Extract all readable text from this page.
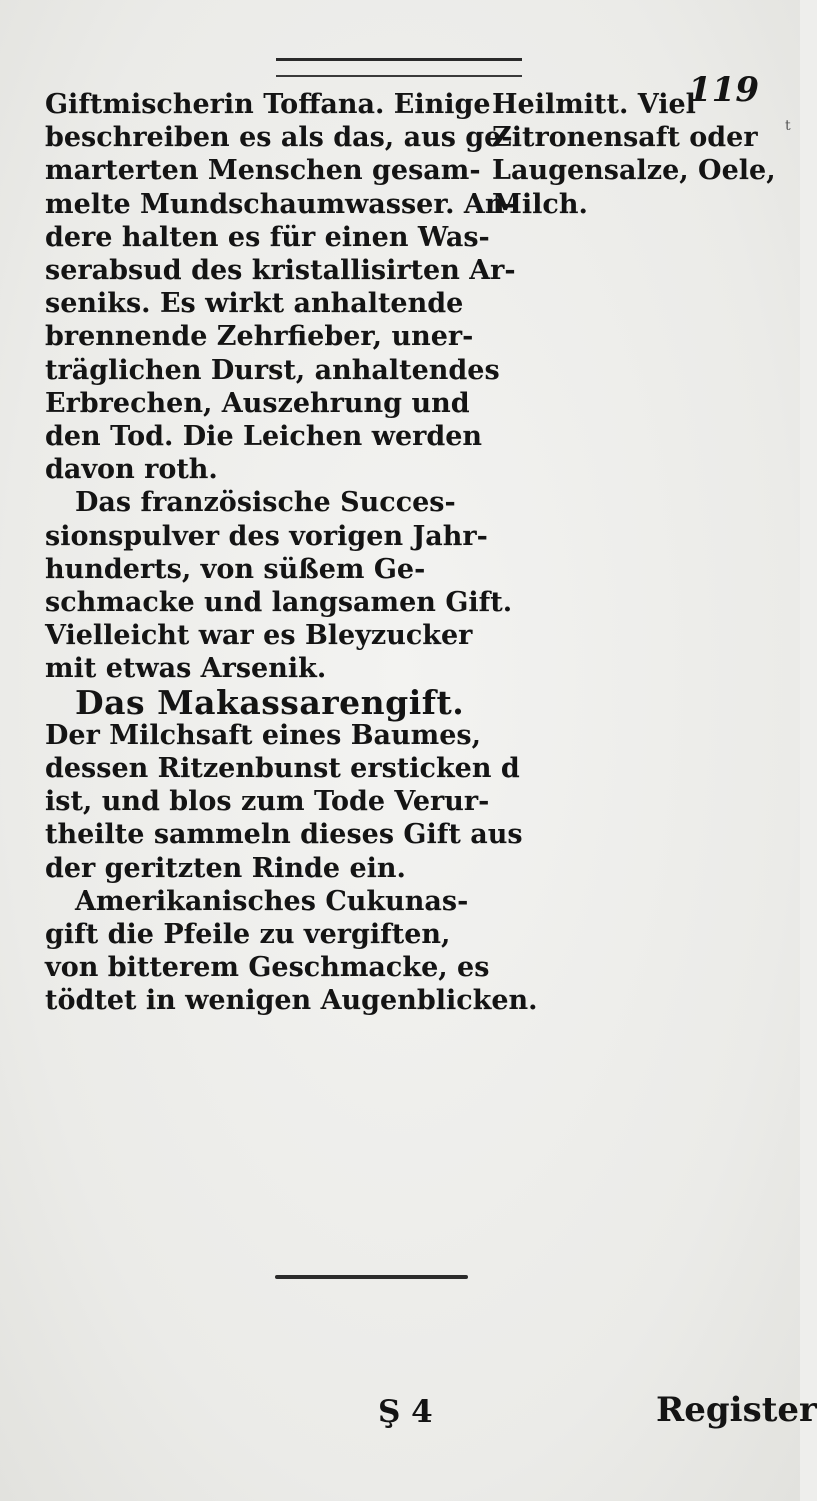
119
t
Giftmischerin Toffana. Einige
beschreiben es als das, aus ge-
marterten Menschen gesam-
melte Mundschaumwasser. An-
dere halten es für einen Was-
serabsud des kristallisirten Ar-
seniks. Es wirkt anhaltende
brennende Zehrfieber, uner-
träglichen Durst, anhaltendes
Erbrechen, Auszehrung und
den Tod. Die Leichen werden
davon roth.
Das französische Succes-
sionspulver des vorigen Jahr-
hunderts, von süßem Ge-
schmacke und langsamen Gift.
Vielleicht war es Bleyzucker
mit etwas Arsenik.
Das Makassarengift.
Der Milchsaft eines Baumes,
dessen Ritzenbunst ersticken d
ist, und blos zum Tode Verur-
theilte sammeln dieses Gift aus
der geritzten Rinde ein.
Amerikanisches Cukunas-
gift die Pfeile zu vergiften,
von bitterem Geschmacke, es
tödtet in wenigen Augenblicken.
Heilmitt. Viel
Zitronensaft oder
Laugensalze, Oele,
Milch.
Ş 4	Register
